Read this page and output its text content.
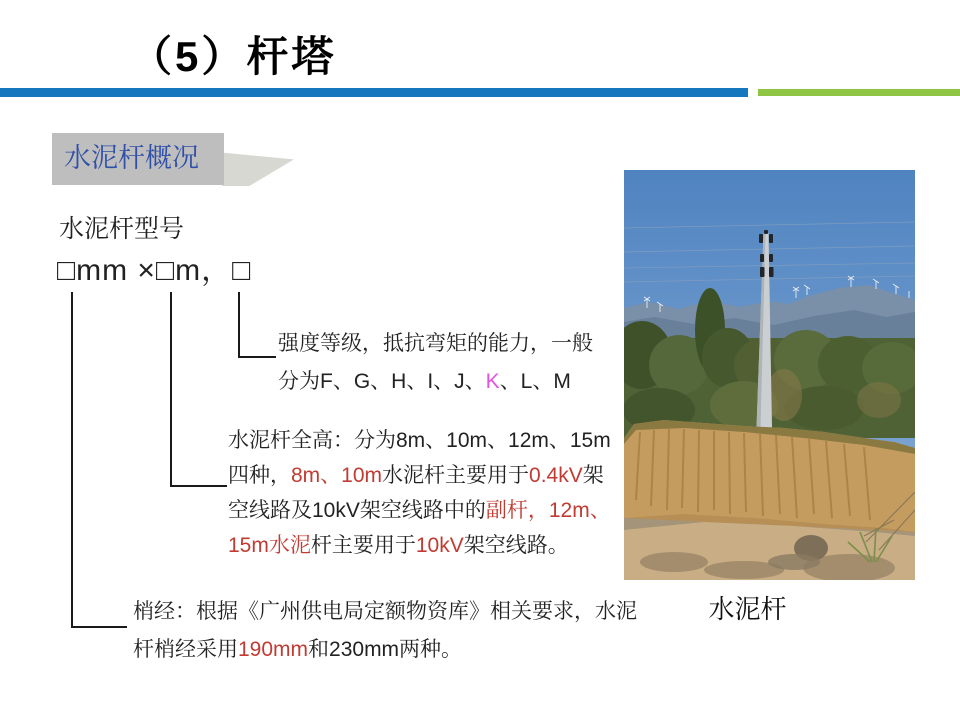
（5）杆塔
水泥杆概况
水泥杆型号
□mm ×□m，□
强度等级，抵抗弯矩的能力，一般
分为F、G、H、I、J、K、L、M
水泥杆全高：分为8m、10m、12m、15m
四种，8m、10m水泥杆主要用于0.4kV架
空线路及10kV架空线路中的副杆，12m、
15m水泥杆主要用于10kV架空线路。
梢经：根据《广州供电局定额物资库》相关要求，水泥
杆梢经采用190mm和230mm两种。
水泥杆
